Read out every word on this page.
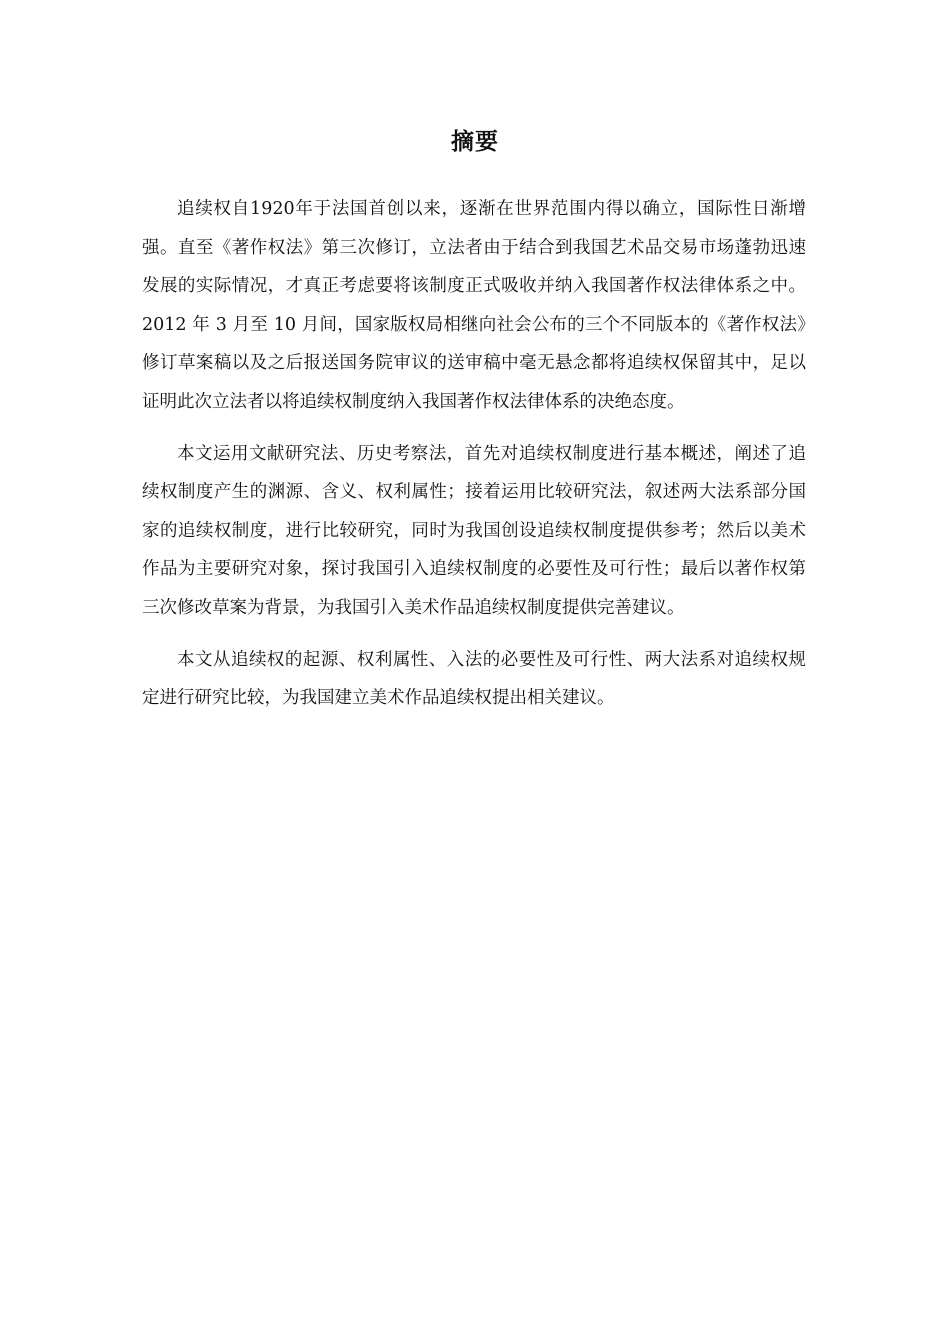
摘要

追续权自1920年于法国首创以来，逐渐在世界范围内得以确立，国际性日渐增强。直至《著作权法》第三次修订，立法者由于结合到我国艺术品交易市场蓬勃迅速发展的实际情况，才真正考虑要将该制度正式吸收并纳入我国著作权法律体系之中。2012 年 3 月至 10 月间，国家版权局相继向社会公布的三个不同版本的《著作权法》修订草案稿以及之后报送国务院审议的送审稿中毫无悬念都将追续权保留其中，足以证明此次立法者以将追续权制度纳入我国著作权法律体系的决绝态度。

本文运用文献研究法、历史考察法，首先对追续权制度进行基本概述，阐述了追续权制度产生的渊源、含义、权利属性；接着运用比较研究法，叙述两大法系部分国家的追续权制度，进行比较研究，同时为我国创设追续权制度提供参考；然后以美术作品为主要研究对象，探讨我国引入追续权制度的必要性及可行性；最后以著作权第三次修改草案为背景，为我国引入美术作品追续权制度提供完善建议。

本文从追续权的起源、权利属性、入法的必要性及可行性、两大法系对追续权规定进行研究比较，为我国建立美术作品追续权提出相关建议。
